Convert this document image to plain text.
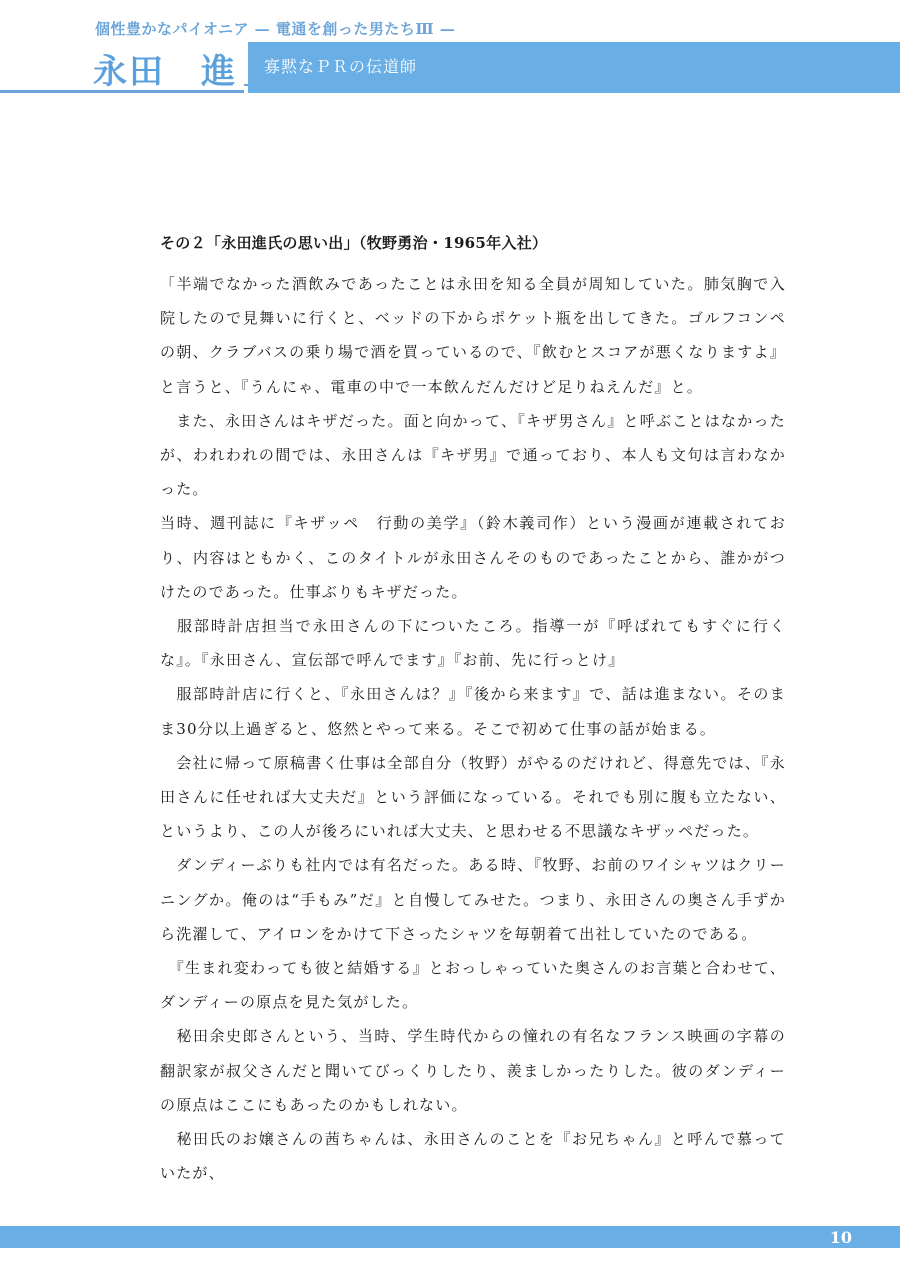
個性豊かなパイオニア — 電通を創った男たちⅢ —
永田　進 寡黙なＰＲの伝道師
その２「永田進氏の思い出」（牧野勇治・1965年入社）

「半端でなかった酒飲みであったことは永田を知る全員が周知していた。肺気胸で入院したので見舞いに行くと、ベッドの下からポケット瓶を出してきた。ゴルフコンペの朝、クラブバスの乗り場で酒を買っているので、『飲むとスコアが悪くなりますよ』と言うと、『うんにゃ、電車の中で一本飲んだんだけど足りねえんだ』と。

　また、永田さんはキザだった。面と向かって、『キザ男さん』と呼ぶことはなかったが、われわれの間では、永田さんは『キザ男』で通っており、本人も文句は言わなかった。

当時、週刊誌に『キザッペ　行動の美学』（鈴木義司作）という漫画が連載されており、内容はともかく、このタイトルが永田さんそのものであったことから、誰かがつけたのであった。仕事ぶりもキザだった。

　服部時計店担当で永田さんの下についたころ。指導一が『呼ばれてもすぐに行くな』。『永田さん、宣伝部で呼んでます』『お前、先に行っとけ』

　服部時計店に行くと、『永田さんは？』『後から来ます』で、話は進まない。そのまま30分以上過ぎると、悠然とやって来る。そこで初めて仕事の話が始まる。

　会社に帰って原稿書く仕事は全部自分（牧野）がやるのだけれど、得意先では、『永田さんに任せれば大丈夫だ』という評価になっている。それでも別に腹も立たない、というより、この人が後ろにいれば大丈夫、と思わせる不思議なキザッペだった。

　ダンディーぶりも社内では有名だった。ある時、『牧野、お前のワイシャツはクリーニングか。俺のは“手もみ”だ』と自慢してみせた。つまり、永田さんの奥さん手ずから洗濯して、アイロンをかけて下さったシャツを毎朝着て出社していたのである。

　『生まれ変わっても彼と結婚する』とおっしゃっていた奥さんのお言葉と合わせて、ダンディーの原点を見た気がした。

　秘田余史郎さんという、当時、学生時代からの憧れの有名なフランス映画の字幕の翻訳家が叔父さんだと聞いてびっくりしたり、羨ましかったりした。彼のダンディーの原点はここにもあったのかもしれない。

　秘田氏のお嬢さんの茜ちゃんは、永田さんのことを『お兄ちゃん』と呼んで慕っていたが、

10
